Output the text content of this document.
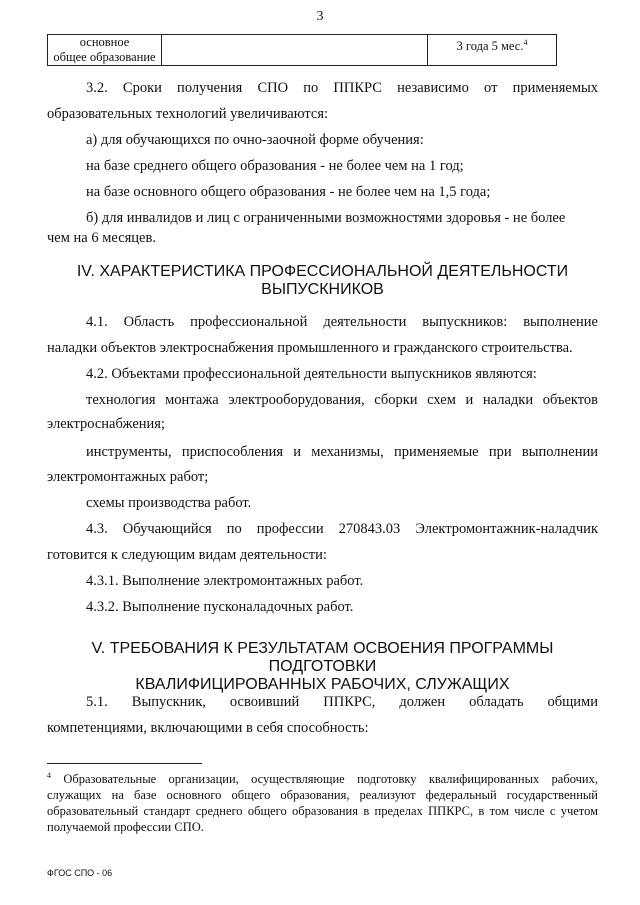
3
основное
общее образование
		3 года 5 мес.$^4$
3.2. Сроки получения СПО по ППКРС независимо от применяемых
образовательных технологий увеличиваются:
а) для обучающихся по очно-заочной форме обучения:
на базе среднего общего образования - не более чем на 1 год;
на базе основного общего образования - не более чем на 1,5 года;
б) для инвалидов и лиц с ограниченными возможностями здоровья - не более
чем на 6 месяцев.
IV. ХАРАКТЕРИСТИКА ПРОФЕССИОНАЛЬНОЙ ДЕЯТЕЛЬНОСТИ
ВЫПУСКНИКОВ
4.1. Область профессиональной деятельности выпускников: выполнение
наладки объектов электроснабжения промышленного и гражданского строительства.
4.2. Объектами профессиональной деятельности выпускников являются:
технология монтажа электрооборудования, сборки схем и наладки объектов
электроснабжения;
инструменты, приспособления и механизмы, применяемые при выполнении
электромонтажных работ;
схемы производства работ.
4.3. Обучающийся по профессии 270843.03 Электромонтажник-наладчик
готовится к следующим видам деятельности:
4.3.1. Выполнение электромонтажных работ.
4.3.2. Выполнение пусконаладочных работ.
V. ТРЕБОВАНИЯ К РЕЗУЛЬТАТАМ ОСВОЕНИЯ ПРОГРАММЫ ПОДГОТОВКИ
КВАЛИФИЦИРОВАННЫХ РАБОЧИХ, СЛУЖАЩИХ
5.1. Выпускник, освоивший ППКРС, должен обладать общими
компетенциями, включающими в себя способность:
$^4$ Образовательные организации, осуществляющие подготовку квалифицированных рабочих, служащих на базе основного общего образования, реализуют федеральный государственный образовательный стандарт среднего общего образования в пределах ППКРС, в том числе с учетом получаемой профессии СПО.
ФГОС СПО - 06
